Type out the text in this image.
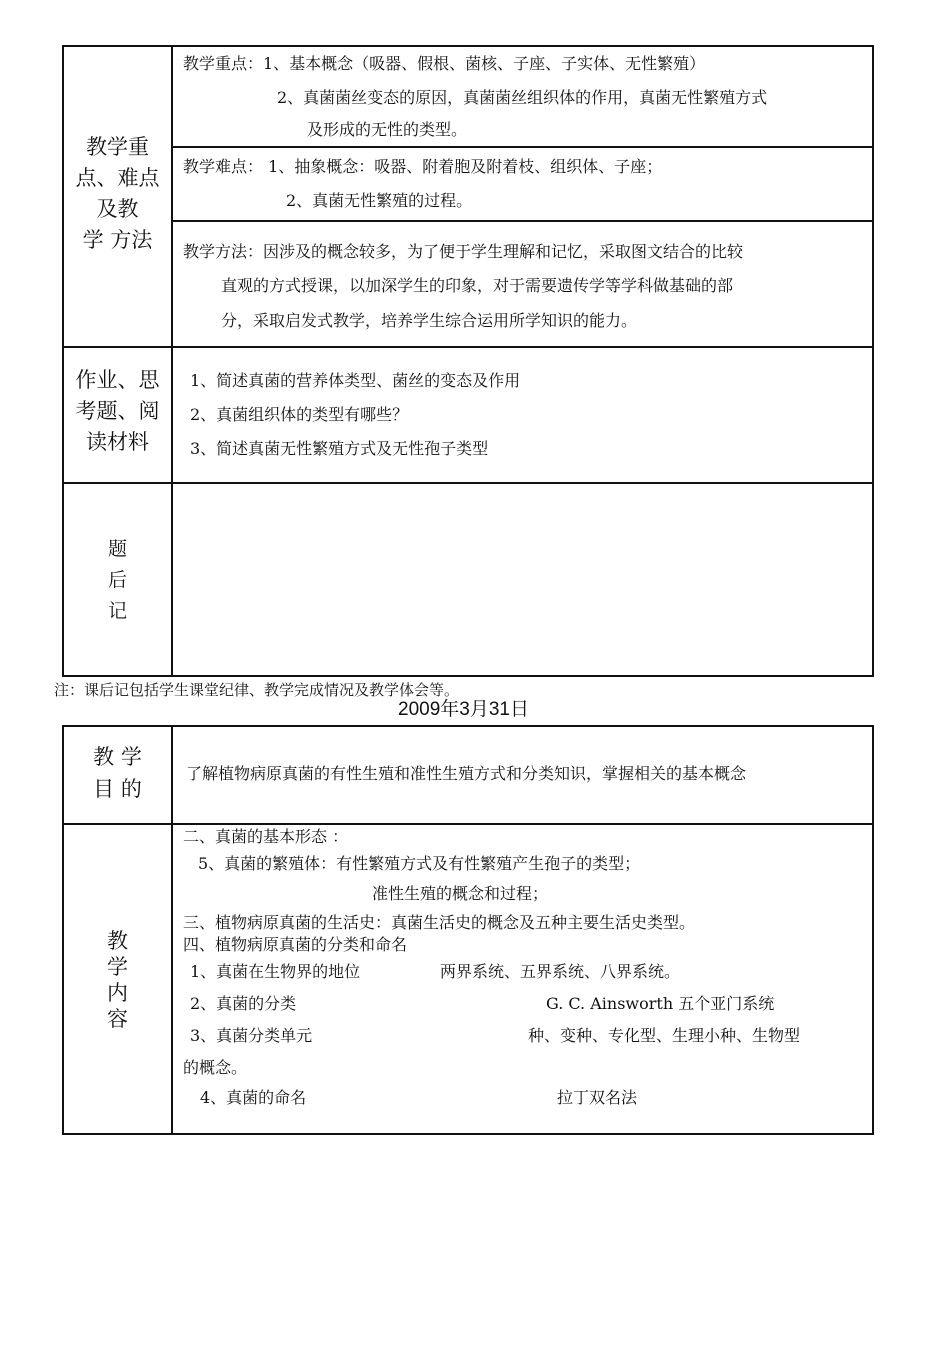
教学重
点、难点
及教
学 方法
教学重点：1、基本概念（吸器、假根、菌核、子座、子实体、无性繁殖）
2、真菌菌丝变态的原因，真菌菌丝组织体的作用，真菌无性繁殖方式
及形成的无性的类型。
教学难点： 1、抽象概念：吸器、附着胞及附着枝、组织体、子座；
2、真菌无性繁殖的过程。
教学方法：因涉及的概念较多，为了便于学生理解和记忆，采取图文结合的比较
直观的方式授课，以加深学生的印象，对于需要遗传学等学科做基础的部
分，采取启发式教学，培养学生综合运用所学知识的能力。
作业、思
考题、阅
读材料
1、简述真菌的营养体类型、菌丝的变态及作用
2、真菌组织体的类型有哪些？
3、简述真菌无性繁殖方式及无性孢子类型
题
后
记
注：课后记包括学生课堂纪律、教学完成情况及教学体会等。
2009年3月31日
教 学
目 的
了解植物病原真菌的有性生殖和准性生殖方式和分类知识，掌握相关的基本概念
教
学
内
容
二、真菌的基本形态 ：
5、真菌的繁殖体：有性繁殖方式及有性繁殖产生孢子的类型；
准性生殖的概念和过程；
三、植物病原真菌的生活史：真菌生活史的概念及五种主要生活史类型。
四、植物病原真菌的分类和命名
1、真菌在生物界的地位	两界系统、五界系统、八界系统。
2、真菌的分类	G. C. Ainsworth 五个亚门系统
3、真菌分类单元	种、变种、专化型、生理小种、生物型
的概念。
4、真菌的命名	拉丁双名法
